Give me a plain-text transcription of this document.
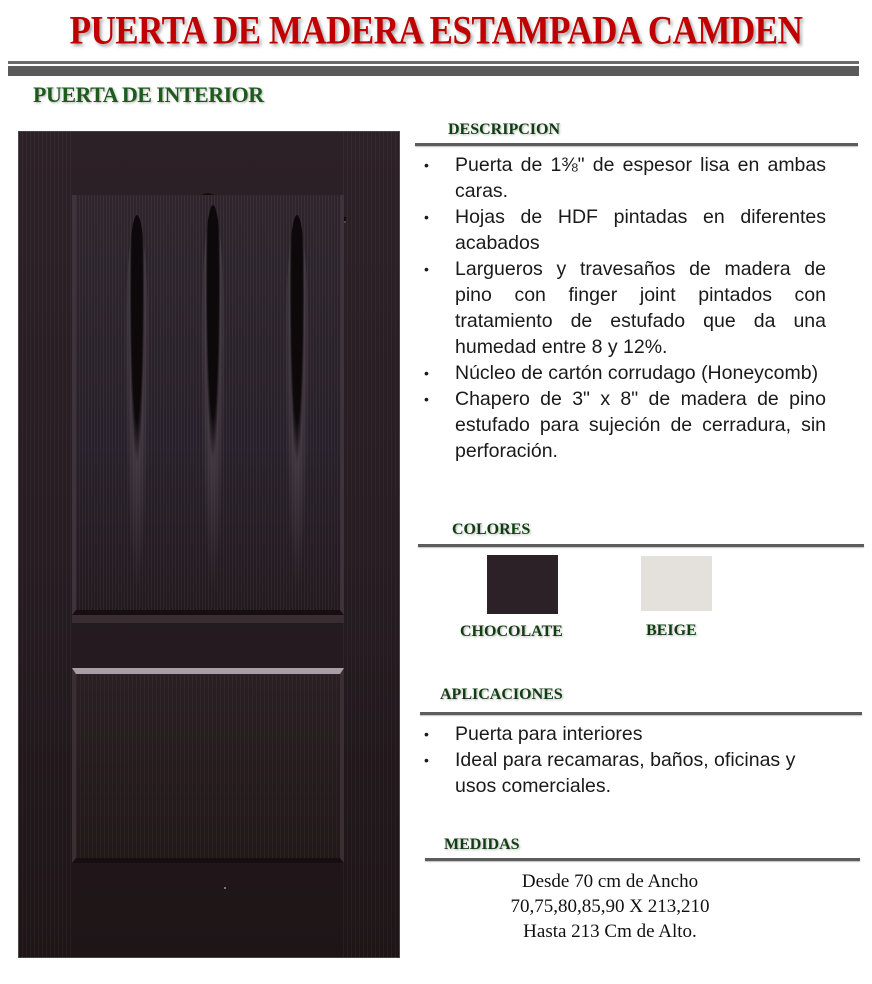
PUERTA DE MADERA ESTAMPADA CAMDEN
PUERTA DE INTERIOR
DESCRIPCION
• Puerta de 1⅜" de espesor lisa en ambas caras.
• Hojas de HDF pintadas en diferentes acabados
• Largueros y travesaños de madera de pino con finger joint pintados con tratamiento de estufado que da una humedad entre 8 y 12%.
• Núcleo de cartón corrudago (Honeycomb)
• Chapero de 3" x 8" de madera de pino estufado para sujeción de cerradura, sin perforación.
COLORES
CHOCOLATE	BEIGE
APLICACIONES
• Puerta para interiores
• Ideal para recamaras, baños, oficinas y usos comerciales.
MEDIDAS
Desde 70 cm de Ancho
70,75,80,85,90 X 213,210
Hasta 213 Cm de Alto.
